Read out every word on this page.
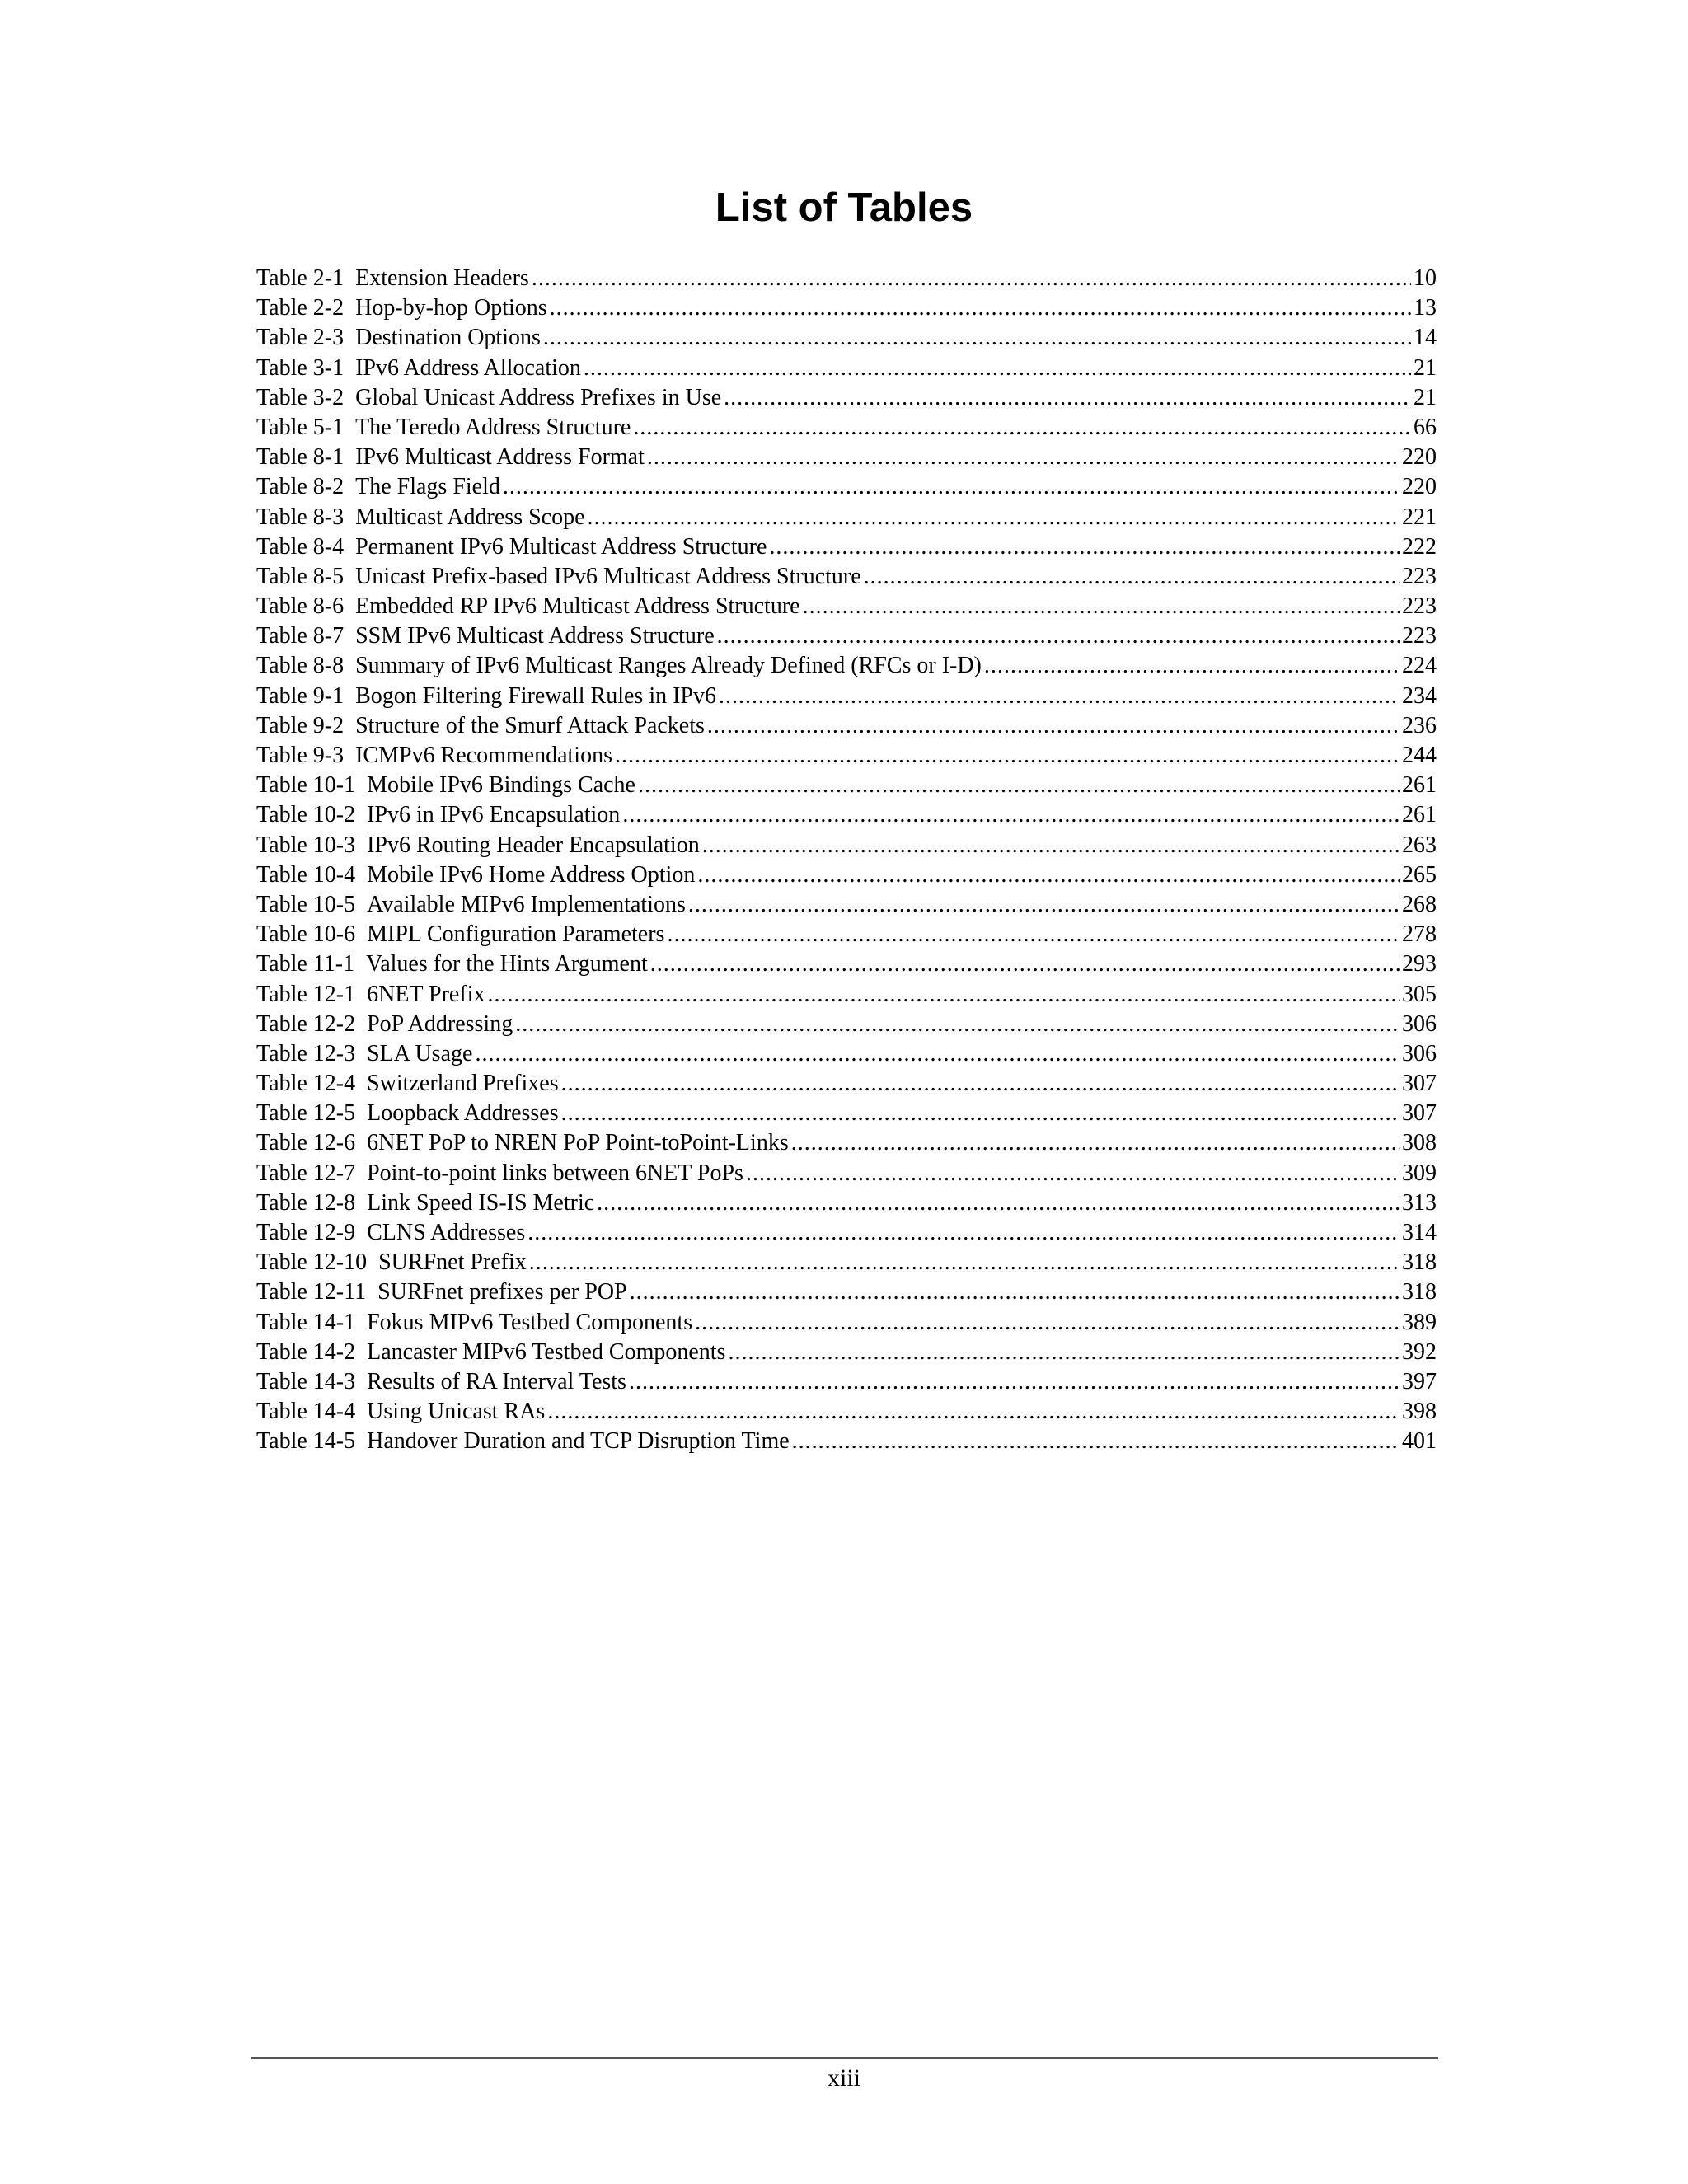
List of Tables
Table 2-1 Extension Headers .....	10
Table 2-2 Hop-by-hop Options .....	13
Table 2-3 Destination Options .....	14
Table 3-1 IPv6 Address Allocation .....	21
Table 3-2 Global Unicast Address Prefixes in Use .....	21
Table 5-1 The Teredo Address Structure .....	66
Table 8-1 IPv6 Multicast Address Format .....	220
Table 8-2 The Flags Field .....	220
Table 8-3 Multicast Address Scope .....	221
Table 8-4 Permanent IPv6 Multicast Address Structure .....	222
Table 8-5 Unicast Prefix-based IPv6 Multicast Address Structure .....	223
Table 8-6 Embedded RP IPv6 Multicast Address Structure .....	223
Table 8-7 SSM IPv6 Multicast Address Structure .....	223
Table 8-8 Summary of IPv6 Multicast Ranges Already Defined (RFCs or I-D) .....	224
Table 9-1 Bogon Filtering Firewall Rules in IPv6 .....	234
Table 9-2 Structure of the Smurf Attack Packets .....	236
Table 9-3 ICMPv6 Recommendations .....	244
Table 10-1 Mobile IPv6 Bindings Cache .....	261
Table 10-2 IPv6 in IPv6 Encapsulation .....	261
Table 10-3 IPv6 Routing Header Encapsulation .....	263
Table 10-4 Mobile IPv6 Home Address Option .....	265
Table 10-5 Available MIPv6 Implementations .....	268
Table 10-6 MIPL Configuration Parameters .....	278
Table 11-1 Values for the Hints Argument .....	293
Table 12-1 6NET Prefix .....	305
Table 12-2 PoP Addressing .....	306
Table 12-3 SLA Usage .....	306
Table 12-4 Switzerland Prefixes .....	307
Table 12-5 Loopback Addresses .....	307
Table 12-6 6NET PoP to NREN PoP Point-toPoint-Links .....	308
Table 12-7 Point-to-point links between 6NET PoPs .....	309
Table 12-8 Link Speed IS-IS Metric .....	313
Table 12-9 CLNS Addresses .....	314
Table 12-10 SURFnet Prefix .....	318
Table 12-11 SURFnet prefixes per POP .....	318
Table 14-1 Fokus MIPv6 Testbed Components .....	389
Table 14-2 Lancaster MIPv6 Testbed Components .....	392
Table 14-3 Results of RA Interval Tests .....	397
Table 14-4 Using Unicast RAs .....	398
Table 14-5 Handover Duration and TCP Disruption Time .....	401
xiii
